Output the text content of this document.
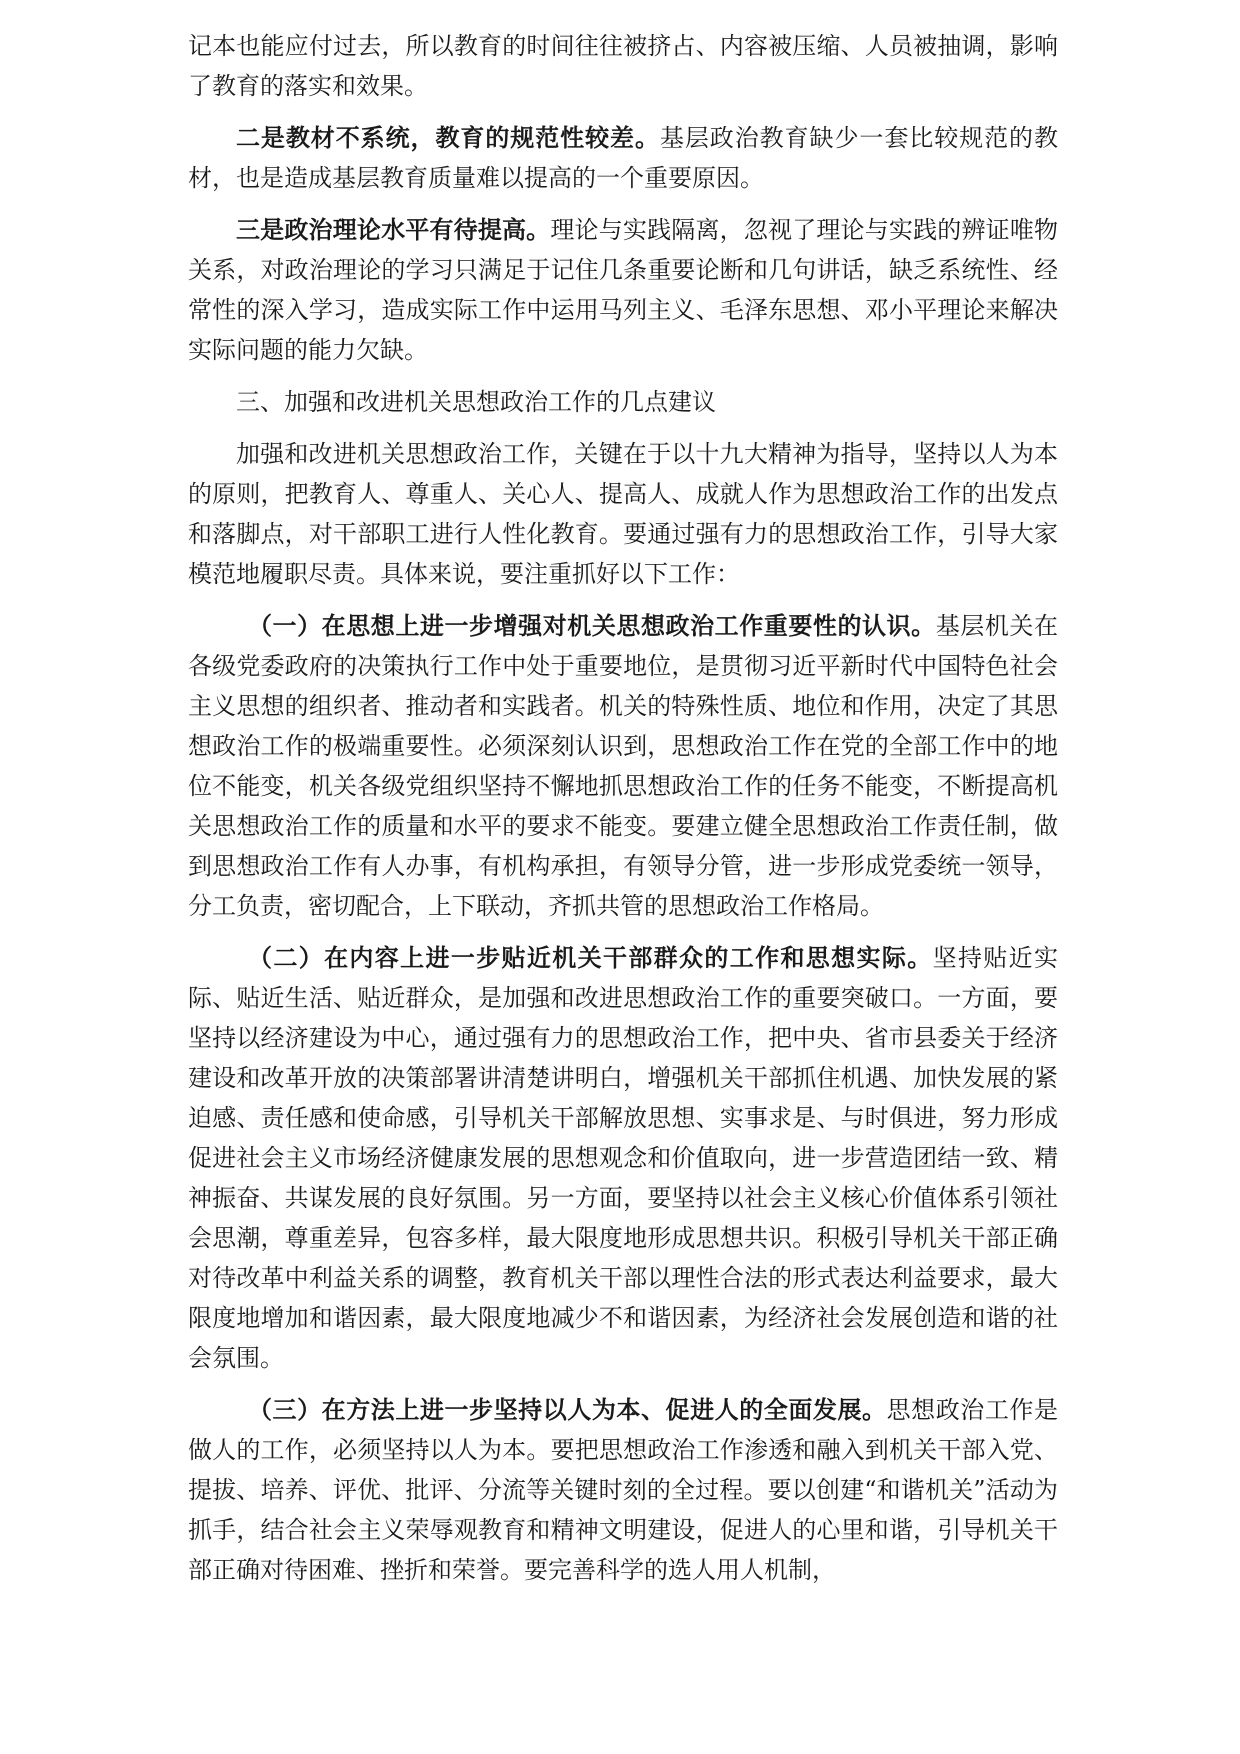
记本也能应付过去，所以教育的时间往往被挤占、内容被压缩、人员被抽调，影响了教育的落实和效果。

二是教材不系统，教育的规范性较差。基层政治教育缺少一套比较规范的教材，也是造成基层教育质量难以提高的一个重要原因。

三是政治理论水平有待提高。理论与实践隔离，忽视了理论与实践的辨证唯物关系，对政治理论的学习只满足于记住几条重要论断和几句讲话，缺乏系统性、经常性的深入学习，造成实际工作中运用马列主义、毛泽东思想、邓小平理论来解决实际问题的能力欠缺。

三、加强和改进机关思想政治工作的几点建议

加强和改进机关思想政治工作，关键在于以十九大精神为指导，坚持以人为本的原则，把教育人、尊重人、关心人、提高人、成就人作为思想政治工作的出发点和落脚点，对干部职工进行人性化教育。要通过强有力的思想政治工作，引导大家模范地履职尽责。具体来说，要注重抓好以下工作：

（一）在思想上进一步增强对机关思想政治工作重要性的认识。基层机关在各级党委政府的决策执行工作中处于重要地位，是贯彻习近平新时代中国特色社会主义思想的组织者、推动者和实践者。机关的特殊性质、地位和作用，决定了其思想政治工作的极端重要性。必须深刻认识到，思想政治工作在党的全部工作中的地位不能变，机关各级党组织坚持不懈地抓思想政治工作的任务不能变，不断提高机关思想政治工作的质量和水平的要求不能变。要建立健全思想政治工作责任制，做到思想政治工作有人办事，有机构承担，有领导分管，进一步形成党委统一领导，分工负责，密切配合，上下联动，齐抓共管的思想政治工作格局。

（二）在内容上进一步贴近机关干部群众的工作和思想实际。坚持贴近实际、贴近生活、贴近群众，是加强和改进思想政治工作的重要突破口。一方面，要坚持以经济建设为中心，通过强有力的思想政治工作，把中央、省市县委关于经济建设和改革开放的决策部署讲清楚讲明白，增强机关干部抓住机遇、加快发展的紧迫感、责任感和使命感，引导机关干部解放思想、实事求是、与时俱进，努力形成促进社会主义市场经济健康发展的思想观念和价值取向，进一步营造团结一致、精神振奋、共谋发展的良好氛围。另一方面，要坚持以社会主义核心价值体系引领社会思潮，尊重差异，包容多样，最大限度地形成思想共识。积极引导机关干部正确对待改革中利益关系的调整，教育机关干部以理性合法的形式表达利益要求，最大限度地增加和谐因素，最大限度地减少不和谐因素，为经济社会发展创造和谐的社会氛围。

（三）在方法上进一步坚持以人为本、促进人的全面发展。思想政治工作是做人的工作，必须坚持以人为本。要把思想政治工作渗透和融入到机关干部入党、提拔、培养、评优、批评、分流等关键时刻的全过程。要以创建“和谐机关”活动为抓手，结合社会主义荣辱观教育和精神文明建设，促进人的心里和谐，引导机关干部正确对待困难、挫折和荣誉。要完善科学的选人用人机制，
